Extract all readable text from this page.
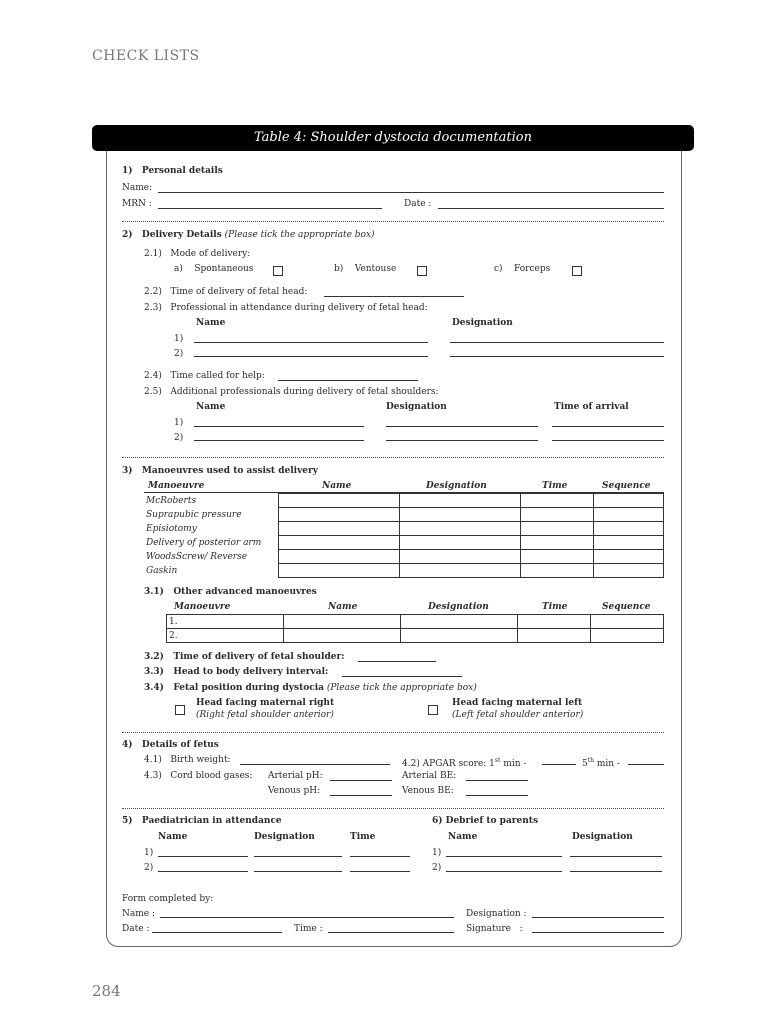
CHECK LISTS
284
Table 4: Shoulder dystocia documentation
1)   Personal details
Name:
MRN :	Date :
2)   Delivery Details (Please tick the appropriate box)
2.1)   Mode of delivery:
a)    Spontaneous	b)    Ventouse	c)    Forceps
2.2)   Time of delivery of fetal head:
2.3)   Professional in attendance during delivery of fetal head:
Name	Designation
1)
2)
2.4)   Time called for help:
2.5)   Additional professionals during delivery of fetal shoulders:
Name	Designation	Time of arrival
1)
2)
3)   Manoeuvres used to assist delivery
Manoeuvre	Name	Designation	Time	Sequence
McRoberts				
Suprapubic pressure				
Episiotomy				
Delivery of posterior arm				
WoodsScrew/ Reverse				
Gaskin				
3.1)   Other advanced manoeuvres
Manoeuvre	Name	Designation	Time	Sequence
1.				
2.				
3.2)   Time of delivery of fetal shoulder:
3.3)   Head to body delivery interval:
3.4)   Fetal position during dystocia (Please tick the appropriate box)
Head facing maternal right
(Right fetal shoulder anterior)
Head facing maternal left
(Left fetal shoulder anterior)
4)   Details of fetus
4.1)   Birth weight:	4.2) APGAR score: 1st min -	5th min -
4.3)   Cord blood gases: Arterial pH:	Arterial BE:
Venous pH:	Venous BE:
5)   Paediatrician in attendance
Name	Designation	Time
1)
2)
6) Debrief to parents
Name	Designation
1)
2)
Form completed by:
Name :	Designation :
Date :	Time :	Signature   :
